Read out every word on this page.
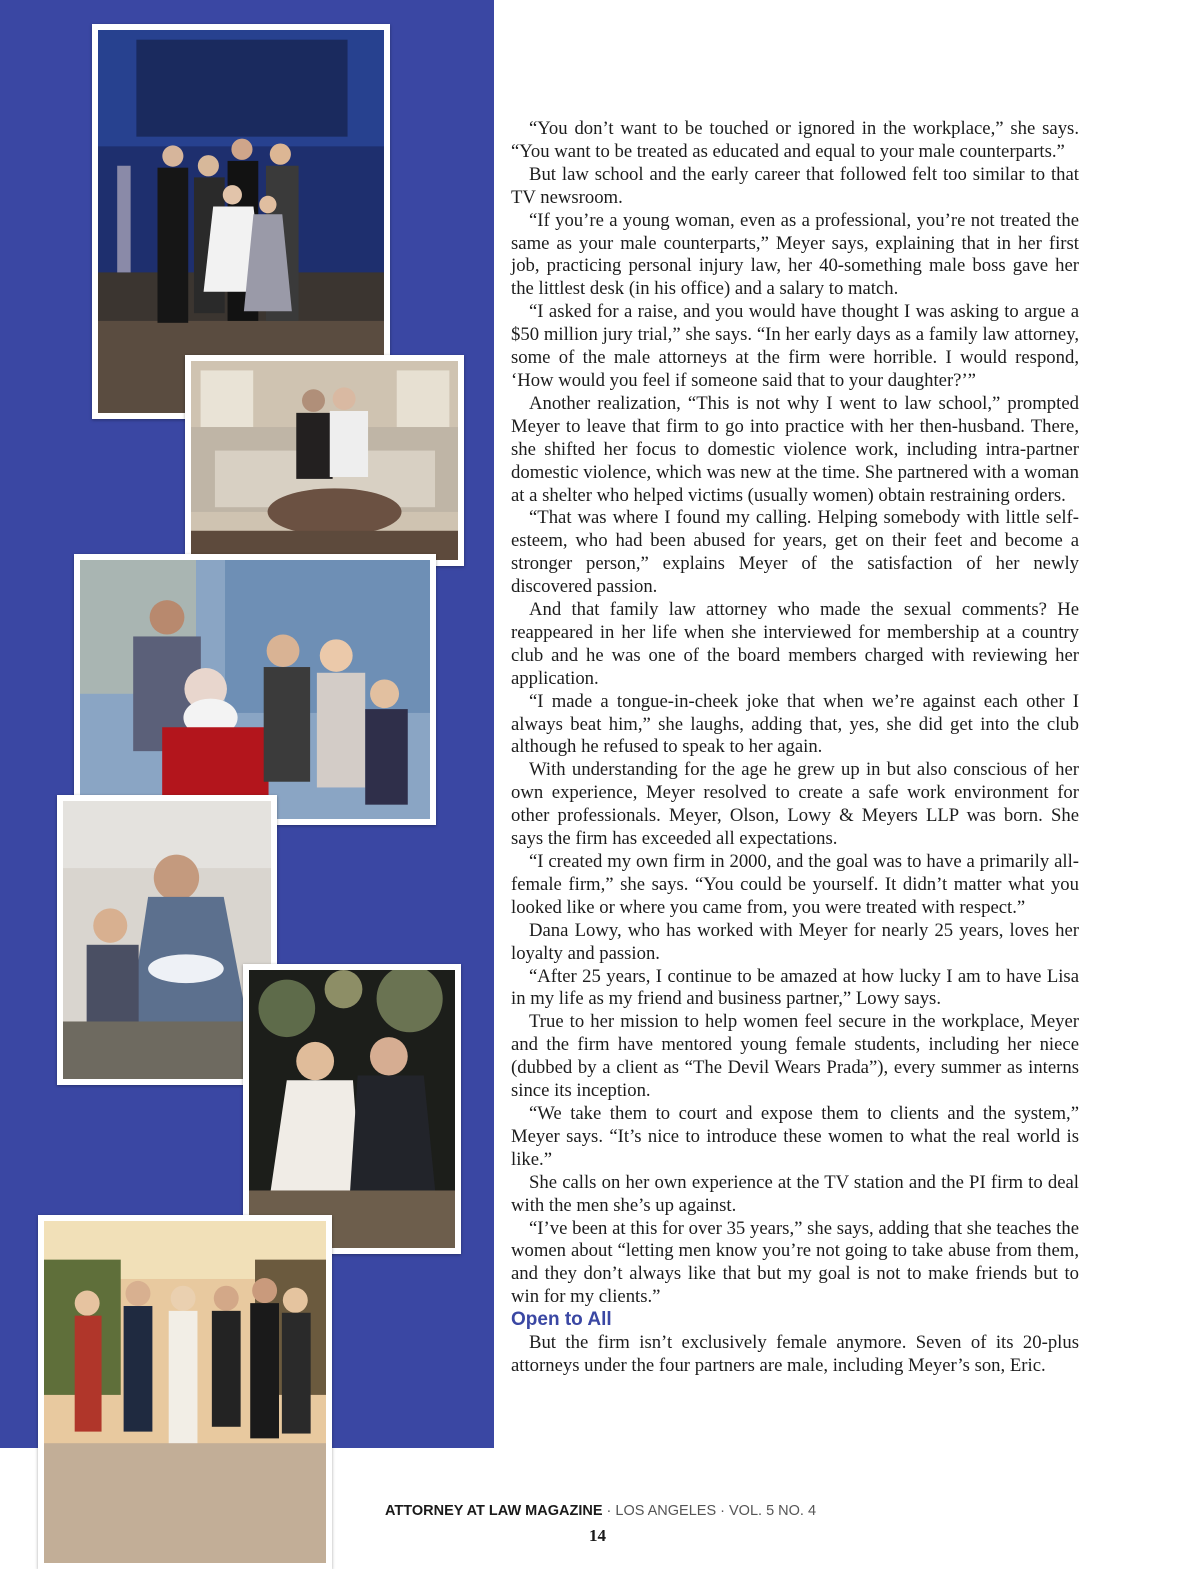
“You don’t want to be touched or ignored in the workplace,” she says. “You want to be treated as educated and equal to your male counterparts.”

But law school and the early career that followed felt too similar to that TV newsroom.

“If you’re a young woman, even as a professional, you’re not treated the same as your male counterparts,” Meyer says, explaining that in her first job, practicing personal injury law, her 40-something male boss gave her the littlest desk (in his office) and a salary to match.

“I asked for a raise, and you would have thought I was asking to argue a $50 million jury trial,” she says. “In her early days as a family law attorney, some of the male attorneys at the firm were horrible. I would respond, ‘How would you feel if someone said that to your daughter?’”

Another realization, “This is not why I went to law school,” prompted Meyer to leave that firm to go into practice with her then-husband. There, she shifted her focus to domestic violence work, including intra-partner domestic violence, which was new at the time. She partnered with a woman at a shelter who helped victims (usually women) obtain restraining orders.

“That was where I found my calling. Helping somebody with little self-esteem, who had been abused for years, get on their feet and become a stronger person,” explains Meyer of the satisfaction of her newly discovered passion.

And that family law attorney who made the sexual comments? He reappeared in her life when she interviewed for membership at a country club and he was one of the board members charged with reviewing her application.

“I made a tongue-in-cheek joke that when we’re against each other I always beat him,” she laughs, adding that, yes, she did get into the club although he refused to speak to her again.

With understanding for the age he grew up in but also conscious of her own experience, Meyer resolved to create a safe work environment for other professionals. Meyer, Olson, Lowy & Meyers LLP was born. She says the firm has exceeded all expectations.

“I created my own firm in 2000, and the goal was to have a primarily all-female firm,” she says. “You could be yourself. It didn’t matter what you looked like or where you came from, you were treated with respect.”

Dana Lowy, who has worked with Meyer for nearly 25 years, loves her loyalty and passion.

“After 25 years, I continue to be amazed at how lucky I am to have Lisa in my life as my friend and business partner,” Lowy says.

True to her mission to help women feel secure in the workplace, Meyer and the firm have mentored young female students, including her niece (dubbed by a client as “The Devil Wears Prada”), every summer as interns since its inception.

“We take them to court and expose them to clients and the system,” Meyer says. “It’s nice to introduce these women to what the real world is like.”

She calls on her own experience at the TV station and the PI firm to deal with the men she’s up against.

“I’ve been at this for over 35 years,” she says, adding that she teaches the women about “letting men know you’re not going to take abuse from them, and they don’t always like that but my goal is not to make friends but to win for my clients.”

Open to All

But the firm isn’t exclusively female anymore. Seven of its 20-plus attorneys under the four partners are male, including Meyer’s son, Eric.

ATTORNEY AT LAW MAGAZINE · LOS ANGELES · VOL. 5 NO. 4
14
